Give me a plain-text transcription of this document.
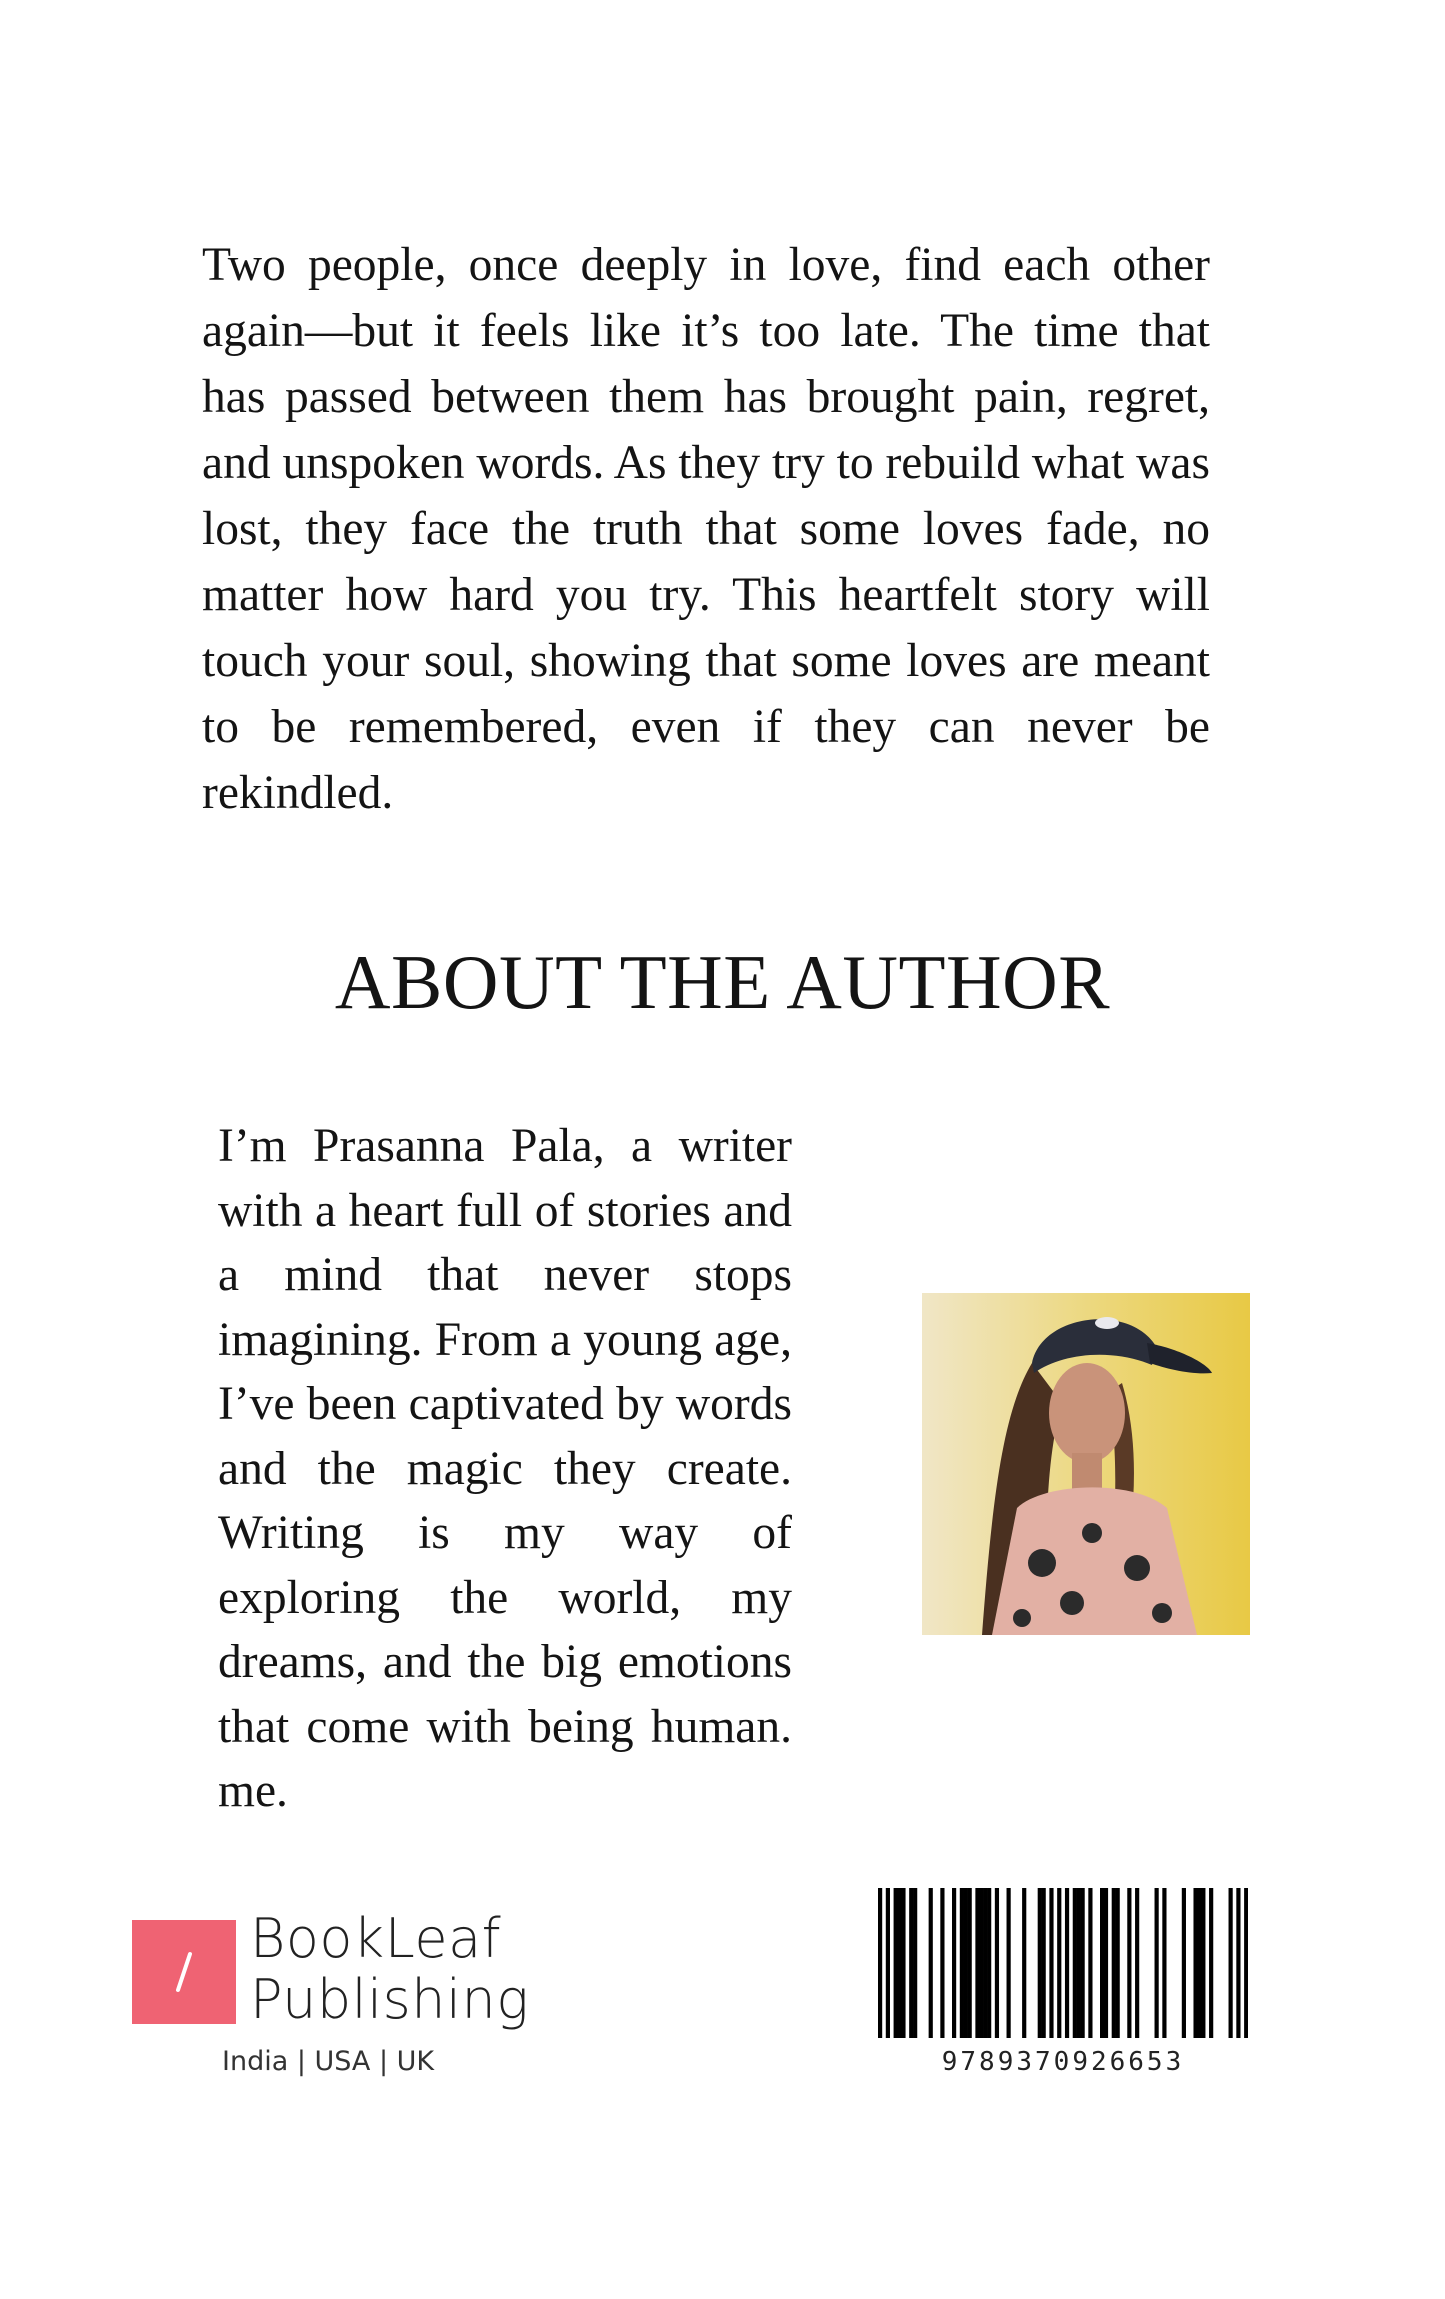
Two people, once deeply in love, find each other again—but it feels like it’s too late. The time that has passed between them has brought pain, regret, and unspoken words. As they try to rebuild what was lost, they face the truth that some loves fade, no matter how hard you try. This heartfelt story will touch your soul, showing that some loves are meant to be remembered, even if they can never be rekindled.

ABOUT THE AUTHOR

I’m Prasanna Pala, a writer with a heart full of stories and a mind that never stops imagining. From a young age, I’ve been captivated by words and the magic they create. Writing is my way of exploring the world, my dreams, and the big emotions that come with being human. me.

BookLeaf
Publishing
India | USA | UK	9789370926653
